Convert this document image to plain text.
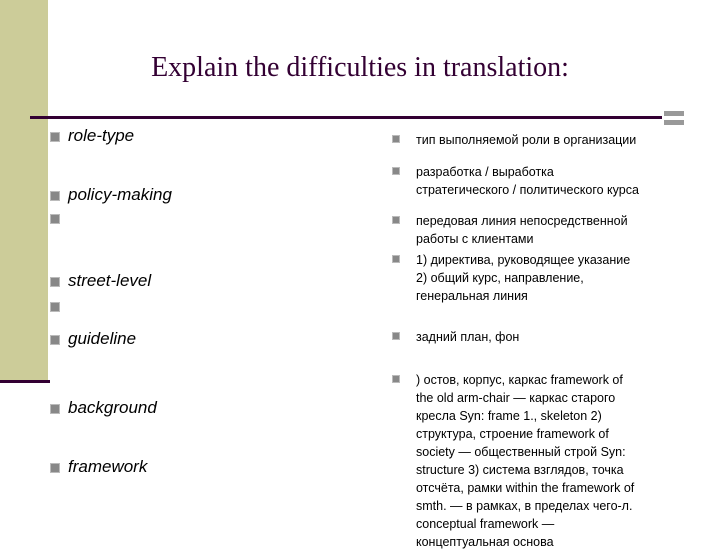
Explain the difficulties in translation:
role-type
policy-making
street-level
guideline
background
framework
тип выполняемой роли в организации
разработка / выработка
стратегического / политического курса
передовая линия непосредственной
работы с клиентами
1) директива, руководящее указание
2) общий курс, направление,
генеральная линия
задний план, фон
) остов, корпус, каркас framework of
the old arm-chair — каркас старого
кресла Syn: frame 1., skeleton 2)
структура, строение framework of
society — общественный строй Syn:
structure 3) система взглядов, точка
отсчёта, рамки within the framework of
smth. — в рамках, в пределах чего-л.
conceptual framework —
концептуальная основа
